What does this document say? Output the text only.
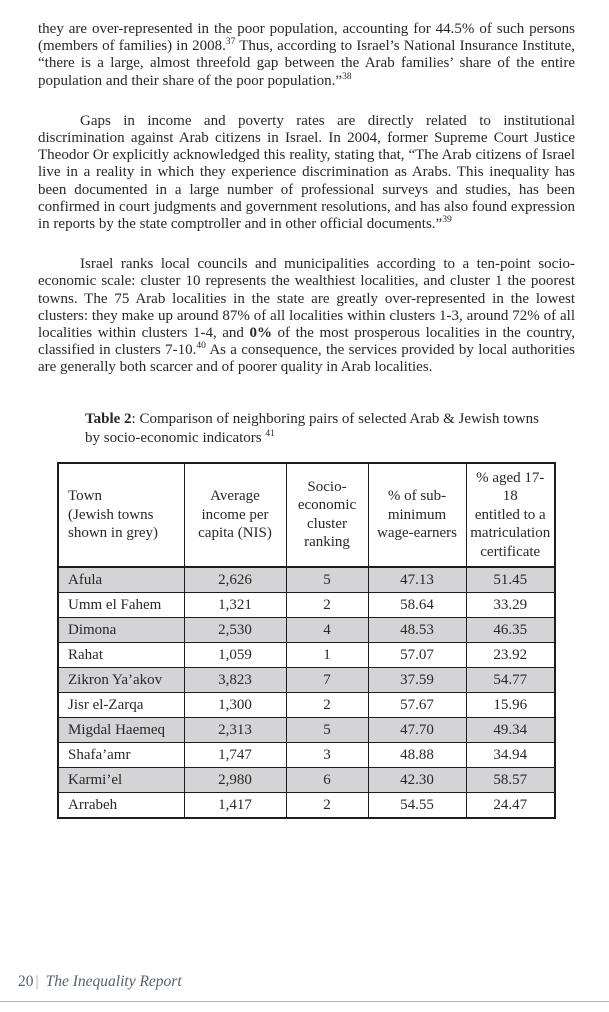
they are over-represented in the poor population, accounting for 44.5% of such persons (members of families) in 2008.37 Thus, according to Israel’s National Insurance Institute, “there is a large, almost threefold gap between the Arab families’ share of the entire population and their share of the poor population.”$^{38}$

Gaps in income and poverty rates are directly related to institutional discrimination against Arab citizens in Israel. In 2004, former Supreme Court Justice Theodor Or explicitly acknowledged this reality, stating that, “The Arab citizens of Israel live in a reality in which they experience discrimination as Arabs. This inequality has been documented in a large number of professional surveys and studies, has been confirmed in court judgments and government resolutions, and has also found expression in reports by the state comptroller and in other official documents.”$^{39}$

Israel ranks local councils and municipalities according to a ten-point socio-economic scale: cluster 10 represents the wealthiest localities, and cluster 1 the poorest towns. The 75 Arab localities in the state are greatly over-represented in the lowest clusters: they make up around 87% of all localities within clusters 1-3, around 72% of all localities within clusters 1-4, and 0% of the most prosperous localities in the country, classified in clusters 7-10.40 As a consequence, the services provided by local authorities are generally both scarcer and of poorer quality in Arab localities.

Table 2: Comparison of neighboring pairs of selected Arab & Jewish towns by socio-economic indicators $^{41}$

Town
(Jewish towns
shown in grey)	Average
income per
capita (NIS)	Socio-
economic
cluster
ranking	% of sub-
minimum
wage-earners	% aged 17-18
entitled to a
matriculation
certificate
Afula	2,626	5	47.13	51.45
Umm el Fahem	1,321	2	58.64	33.29
Dimona	2,530	4	48.53	46.35
Rahat	1,059	1	57.07	23.92
Zikron Ya’akov	3,823	7	37.59	54.77
Jisr el-Zarqa	1,300	2	57.67	15.96
Migdal Haemeq	2,313	5	47.70	49.34
Shafa’amr	1,747	3	48.88	34.94
Karmi’el	2,980	6	42.30	58.57
Arrabeh	1,417	2	54.55	24.47
20 | The Inequality Report
